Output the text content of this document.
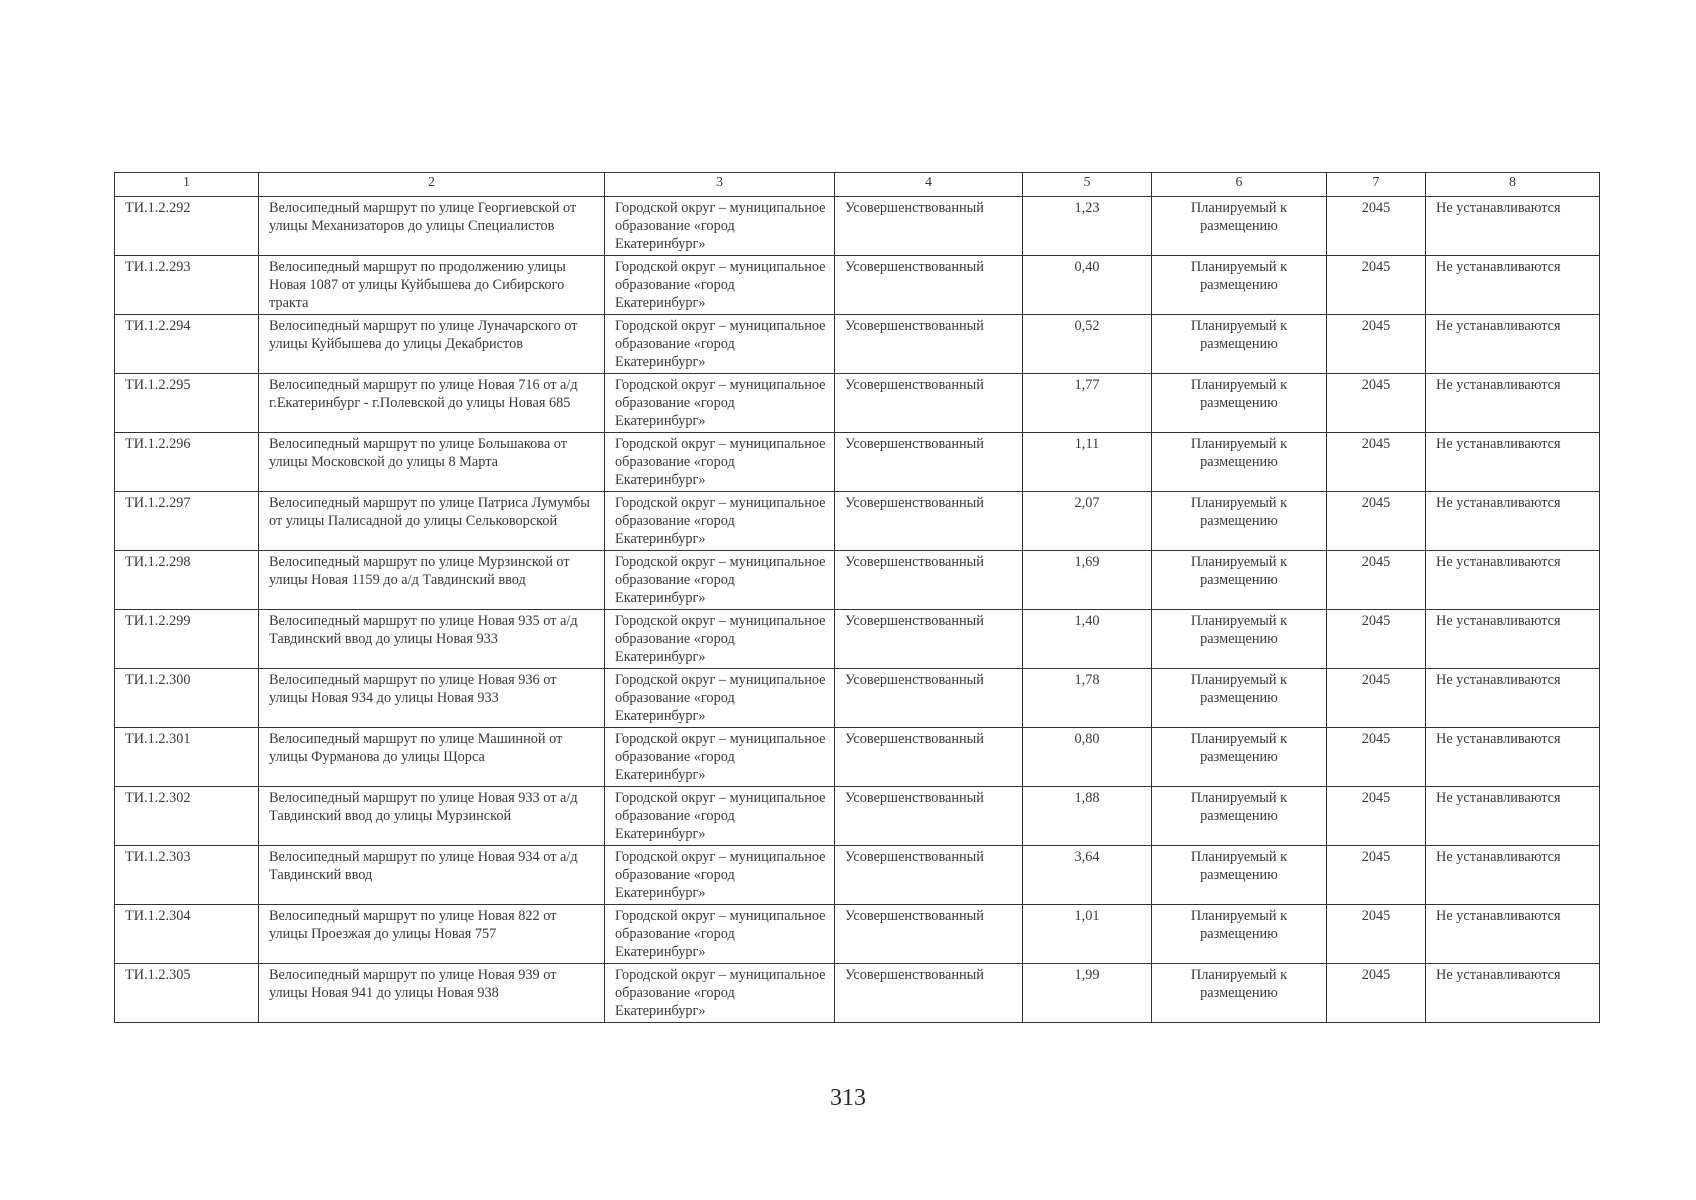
1	2	3	4	5	6	7	8
ТИ.1.2.292	Велосипедный маршрут по улице Георгиевской от улицы Механизаторов до улицы Специалистов	Городской округ – муниципальное образование «город Екатеринбург»	Усовершенствованный	1,23	Планируемый к размещению	2045	Не устанавливаются
ТИ.1.2.293	Велосипедный маршрут по продолжению улицы Новая 1087 от улицы Куйбышева до Сибирского тракта	Городской округ – муниципальное образование «город Екатеринбург»	Усовершенствованный	0,40	Планируемый к размещению	2045	Не устанавливаются
ТИ.1.2.294	Велосипедный маршрут по улице Луначарского от улицы Куйбышева до улицы Декабристов	Городской округ – муниципальное образование «город Екатеринбург»	Усовершенствованный	0,52	Планируемый к размещению	2045	Не устанавливаются
ТИ.1.2.295	Велосипедный маршрут по улице Новая 716 от а/д г.Екатеринбург - г.Полевской до улицы Новая 685	Городской округ – муниципальное образование «город Екатеринбург»	Усовершенствованный	1,77	Планируемый к размещению	2045	Не устанавливаются
ТИ.1.2.296	Велосипедный маршрут по улице Большакова от улицы Московской до улицы 8 Марта	Городской округ – муниципальное образование «город Екатеринбург»	Усовершенствованный	1,11	Планируемый к размещению	2045	Не устанавливаются
ТИ.1.2.297	Велосипедный маршрут по улице Патриса Лумумбы от улицы Палисадной до улицы Сельковорской	Городской округ – муниципальное образование «город Екатеринбург»	Усовершенствованный	2,07	Планируемый к размещению	2045	Не устанавливаются
ТИ.1.2.298	Велосипедный маршрут по улице Мурзинской от улицы Новая 1159 до а/д Тавдинский ввод	Городской округ – муниципальное образование «город Екатеринбург»	Усовершенствованный	1,69	Планируемый к размещению	2045	Не устанавливаются
ТИ.1.2.299	Велосипедный маршрут по улице Новая 935 от а/д Тавдинский ввод до улицы Новая 933	Городской округ – муниципальное образование «город Екатеринбург»	Усовершенствованный	1,40	Планируемый к размещению	2045	Не устанавливаются
ТИ.1.2.300	Велосипедный маршрут по улице Новая 936 от улицы Новая 934 до улицы Новая 933	Городской округ – муниципальное образование «город Екатеринбург»	Усовершенствованный	1,78	Планируемый к размещению	2045	Не устанавливаются
ТИ.1.2.301	Велосипедный маршрут по улице Машинной от улицы Фурманова до улицы Щорса	Городской округ – муниципальное образование «город Екатеринбург»	Усовершенствованный	0,80	Планируемый к размещению	2045	Не устанавливаются
ТИ.1.2.302	Велосипедный маршрут по улице Новая 933 от а/д Тавдинский ввод до улицы Мурзинской	Городской округ – муниципальное образование «город Екатеринбург»	Усовершенствованный	1,88	Планируемый к размещению	2045	Не устанавливаются
ТИ.1.2.303	Велосипедный маршрут по улице Новая 934 от а/д Тавдинский ввод	Городской округ – муниципальное образование «город Екатеринбург»	Усовершенствованный	3,64	Планируемый к размещению	2045	Не устанавливаются
ТИ.1.2.304	Велосипедный маршрут по улице Новая 822 от улицы Проезжая до улицы Новая 757	Городской округ – муниципальное образование «город Екатеринбург»	Усовершенствованный	1,01	Планируемый к размещению	2045	Не устанавливаются
ТИ.1.2.305	Велосипедный маршрут по улице Новая 939 от улицы Новая 941 до улицы Новая 938	Городской округ – муниципальное образование «город Екатеринбург»	Усовершенствованный	1,99	Планируемый к размещению	2045	Не устанавливаются
313
